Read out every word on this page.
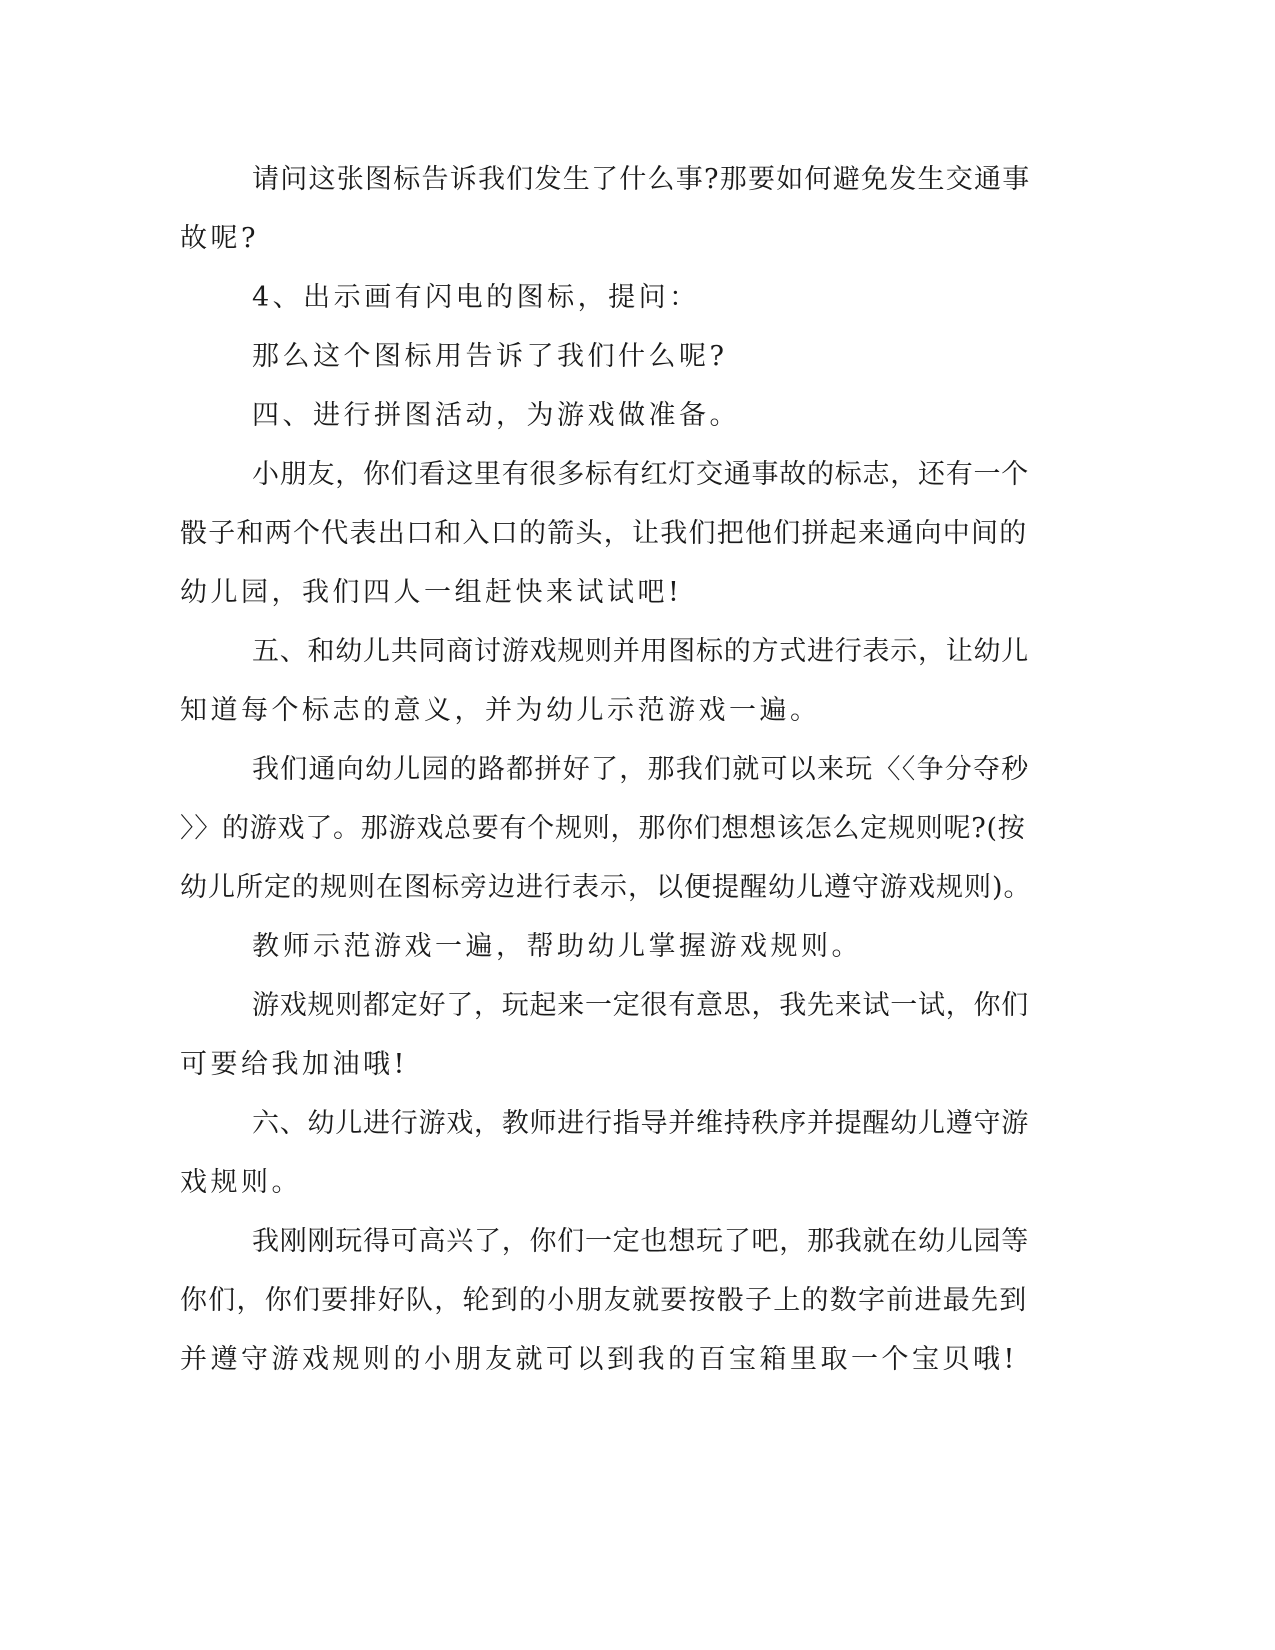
请问这张图标告诉我们发生了什么事?那要如何避免发生交通事
故呢?
4、出示画有闪电的图标，提问：
那么这个图标用告诉了我们什么呢?
四、进行拼图活动，为游戏做准备。
小朋友，你们看这里有很多标有红灯交通事故的标志，还有一个
骰子和两个代表出口和入口的箭头，让我们把他们拼起来通向中间的
幼儿园，我们四人一组赶快来试试吧!
五、和幼儿共同商讨游戏规则并用图标的方式进行表示，让幼儿
知道每个标志的意义，并为幼儿示范游戏一遍。
我们通向幼儿园的路都拼好了，那我们就可以来玩〈〈争分夺秒
〉〉的游戏了。那游戏总要有个规则，那你们想想该怎么定规则呢?(按
幼儿所定的规则在图标旁边进行表示，以便提醒幼儿遵守游戏规则)。
教师示范游戏一遍，帮助幼儿掌握游戏规则。
游戏规则都定好了，玩起来一定很有意思，我先来试一试，你们
可要给我加油哦!
六、幼儿进行游戏，教师进行指导并维持秩序并提醒幼儿遵守游
戏规则。
我刚刚玩得可高兴了，你们一定也想玩了吧，那我就在幼儿园等
你们，你们要排好队，轮到的小朋友就要按骰子上的数字前进最先到
并遵守游戏规则的小朋友就可以到我的百宝箱里取一个宝贝哦!
